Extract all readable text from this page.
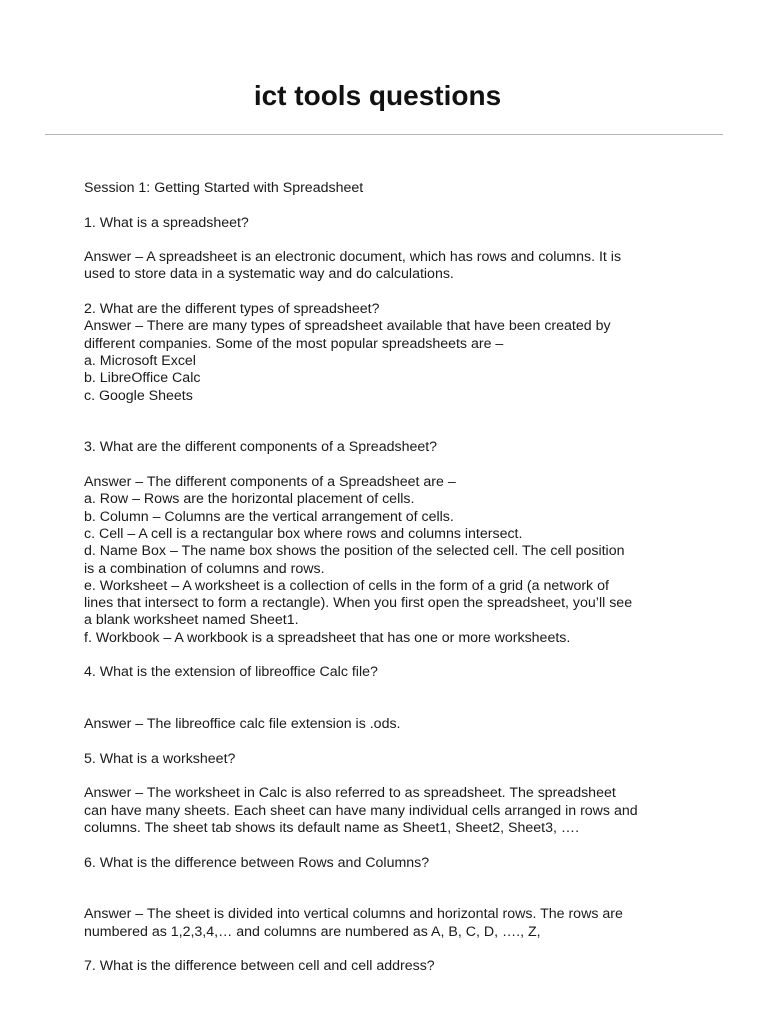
ict tools questions
Session 1: Getting Started with Spreadsheet
1. What is a spreadsheet?
Answer – A spreadsheet is an electronic document, which has rows and columns. It is
used to store data in a systematic way and do calculations.
2. What are the different types of spreadsheet?
Answer – There are many types of spreadsheet available that have been created by
different companies. Some of the most popular spreadsheets are –
a. Microsoft Excel
b. LibreOffice Calc
c. Google Sheets
3. What are the different components of a Spreadsheet?
Answer – The different components of a Spreadsheet are –
a. Row – Rows are the horizontal placement of cells.
b. Column – Columns are the vertical arrangement of cells.
c. Cell – A cell is a rectangular box where rows and columns intersect.
d. Name Box – The name box shows the position of the selected cell. The cell position
is a combination of columns and rows.
e. Worksheet – A worksheet is a collection of cells in the form of a grid (a network of
lines that intersect to form a rectangle). When you first open the spreadsheet, you’ll see
a blank worksheet named Sheet1.
f. Workbook – A workbook is a spreadsheet that has one or more worksheets.
4. What is the extension of libreoffice Calc file?
Answer – The libreoffice calc file extension is .ods.
5. What is a worksheet?
Answer – The worksheet in Calc is also referred to as spreadsheet. The spreadsheet
can have many sheets. Each sheet can have many individual cells arranged in rows and
columns. The sheet tab shows its default name as Sheet1, Sheet2, Sheet3, ….
6. What is the difference between Rows and Columns?
Answer – The sheet is divided into vertical columns and horizontal rows. The rows are
numbered as 1,2,3,4,… and columns are numbered as A, B, C, D, …., Z,
7. What is the difference between cell and cell address?
